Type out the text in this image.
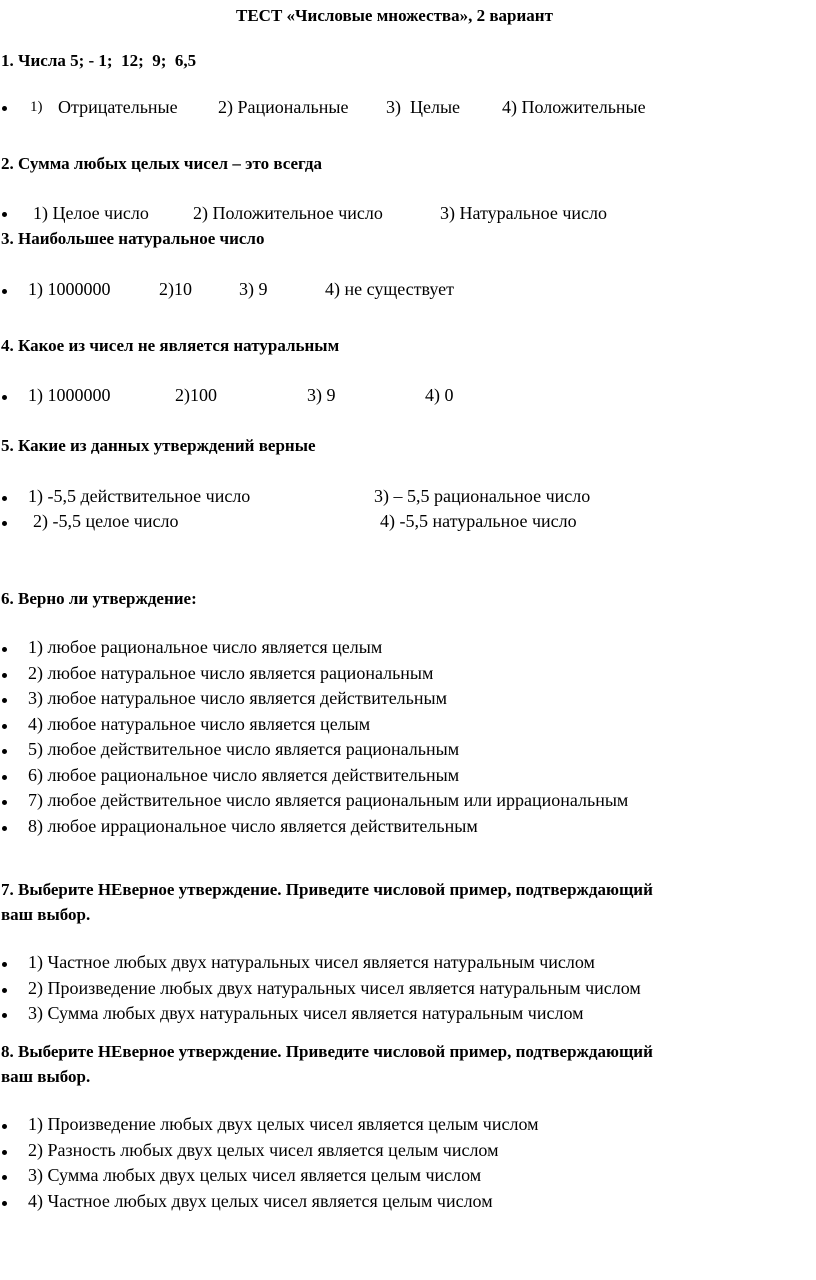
ТЕСТ «Числовые множества», 2 вариант
1. Числа 5; - 1;  12;  9;  6,5
1) Отрицательные 2) Рациональные 3)  Целые 4) Положительные
2. Сумма любых целых чисел – это всегда
1) Целое число 2) Положительное число	3) Натуральное число
3. Наибольшее натуральное число
1) 1000000	2)10	3) 9	4) не существует
4. Какое из чисел не является натуральным
1) 1000000	2)100	3) 9	4) 0
5. Какие из данных утверждений верные
1) -5,5 действительное число	3) – 5,5 рациональное число
2) -5,5 целое число	4) -5,5 натуральное число
6. Верно ли утверждение:
1) любое рациональное число является целым
2) любое натуральное число является рациональным
3) любое натуральное число является действительным
4) любое натуральное число является целым
5) любое действительное число является рациональным
6) любое рациональное число является действительным
7) любое действительное число является рациональным или иррациональным
8) любое иррациональное число является действительным
7. Выберите НЕверное утверждение. Приведите числовой пример, подтверждающий
ваш выбор.
1) Частное любых двух натуральных чисел является натуральным числом
2) Произведение любых двух натуральных чисел является натуральным числом
3) Сумма любых двух натуральных чисел является натуральным числом
8. Выберите НЕверное утверждение. Приведите числовой пример, подтверждающий
ваш выбор.
1) Произведение любых двух целых чисел является целым числом
2) Разность любых двух целых чисел является целым числом
3) Сумма любых двух целых чисел является целым числом
4) Частное любых двух целых чисел является целым числом
